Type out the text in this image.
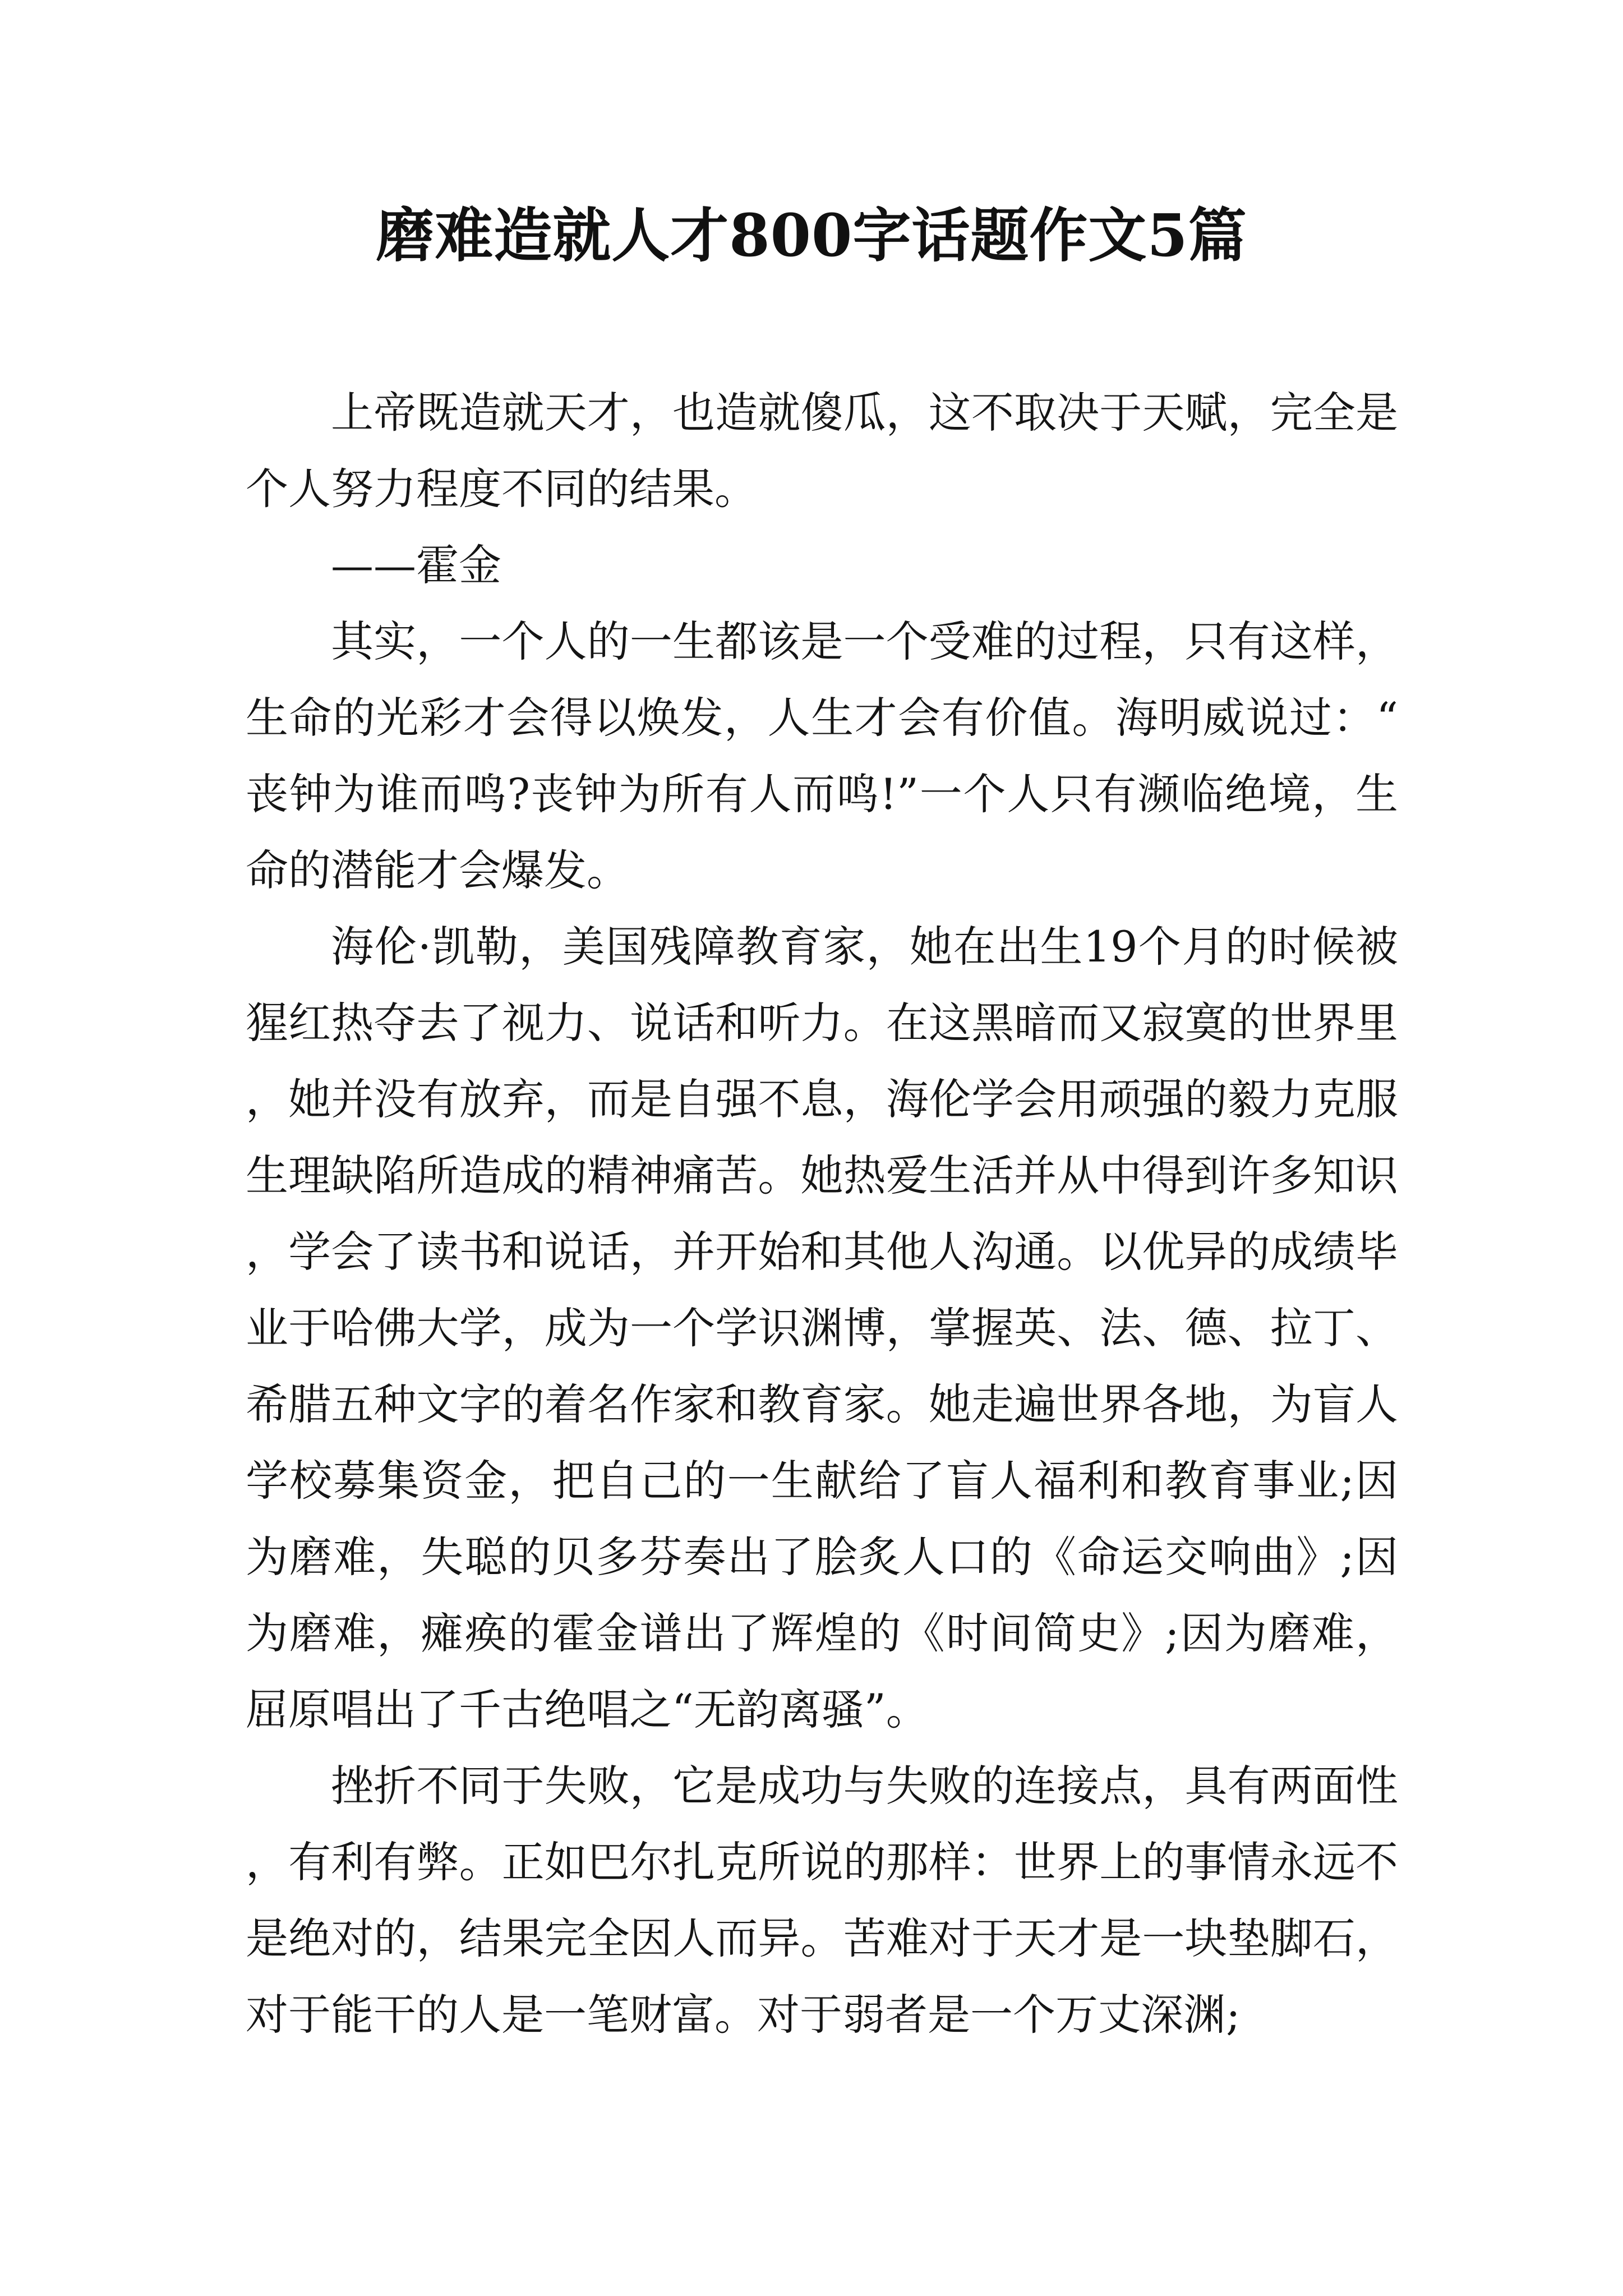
磨难造就人才800字话题作文5篇

上帝既造就天才，也造就傻瓜，这不取决于天赋，完全是个人努力程度不同的结果。

——霍金

其实，一个人的一生都该是一个受难的过程，只有这样，生命的光彩才会得以焕发，人生才会有价值。海明威说过：“丧钟为谁而鸣?丧钟为所有人而鸣!”一个人只有濒临绝境，生命的潜能才会爆发。

海伦·凯勒，美国残障教育家，她在出生19个月的时候被猩红热夺去了视力、说话和听力。在这黑暗而又寂寞的世界里，她并没有放弃，而是自强不息，海伦学会用顽强的毅力克服生理缺陷所造成的精神痛苦。她热爱生活并从中得到许多知识，学会了读书和说话，并开始和其他人沟通。以优异的成绩毕业于哈佛大学，成为一个学识渊博，掌握英、法、德、拉丁、希腊五种文字的着名作家和教育家。她走遍世界各地，为盲人学校募集资金，把自己的一生献给了盲人福利和教育事业;因为磨难，失聪的贝多芬奏出了脍炙人口的《命运交响曲》;因为磨难，瘫痪的霍金谱出了辉煌的《时间简史》;因为磨难，屈原唱出了千古绝唱之“无韵离骚”。

挫折不同于失败，它是成功与失败的连接点，具有两面性，有利有弊。正如巴尔扎克所说的那样：世界上的事情永远不是绝对的，结果完全因人而异。苦难对于天才是一块垫脚石，对于能干的人是一笔财富。对于弱者是一个万丈深渊;
